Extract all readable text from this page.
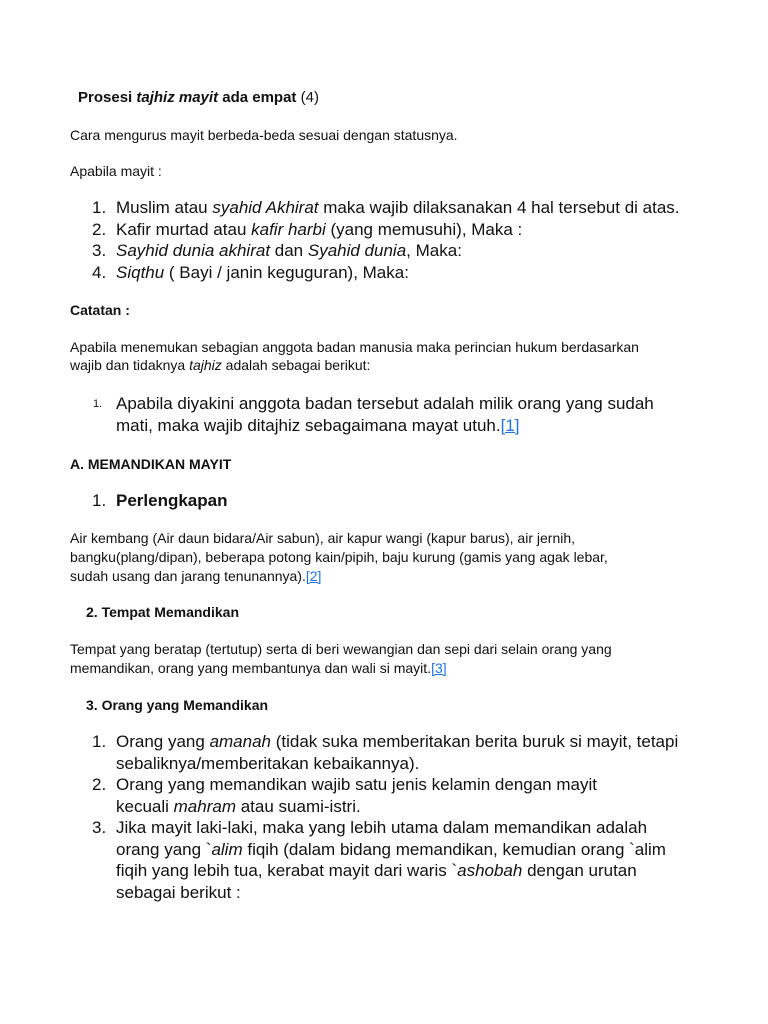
Prosesi tajhiz mayit ada empat (4)

Cara mengurus mayit berbeda-beda sesuai dengan statusnya.

Apabila mayit :

1. Muslim atau syahid Akhirat maka wajib dilaksanakan 4 hal tersebut di atas.
2. Kafir murtad atau kafir harbi (yang memusuhi), Maka :
3. Sayhid dunia akhirat dan Syahid dunia, Maka:
4. Siqthu ( Bayi / janin keguguran), Maka:

Catatan :

Apabila menemukan sebagian anggota badan manusia maka perincian hukum berdasarkan

wajib dan tidaknya tajhiz adalah sebagai berikut:

1. Apabila diyakini anggota badan tersebut adalah milik orang yang sudah

mati, maka wajib ditajhiz sebagaimana mayat utuh.[1]

A. MEMANDIKAN MAYIT

1. Perlengkapan

Air kembang (Air daun bidara/Air sabun), air kapur wangi (kapur barus), air jernih,

bangku(plang/dipan), beberapa potong kain/pipih, baju kurung (gamis yang agak lebar,

sudah usang dan jarang tenunannya).[2]

2. Tempat Memandikan

Tempat yang beratap (tertutup) serta di beri wewangian dan sepi dari selain orang yang

memandikan, orang yang membantunya dan wali si mayit.[3]

3. Orang yang Memandikan

1. Orang yang amanah (tidak suka memberitakan berita buruk si mayit, tetapi
sebaliknya/memberitakan kebaikannya).
2. Orang yang memandikan wajib satu jenis kelamin dengan mayit
kecuali mahram atau suami-istri.
3. Jika mayit laki-laki, maka yang lebih utama dalam memandikan adalah
orang yang `alim fiqih (dalam bidang memandikan, kemudian orang `alim
fiqih yang lebih tua, kerabat mayit dari waris `ashobah dengan urutan
sebagai berikut :
